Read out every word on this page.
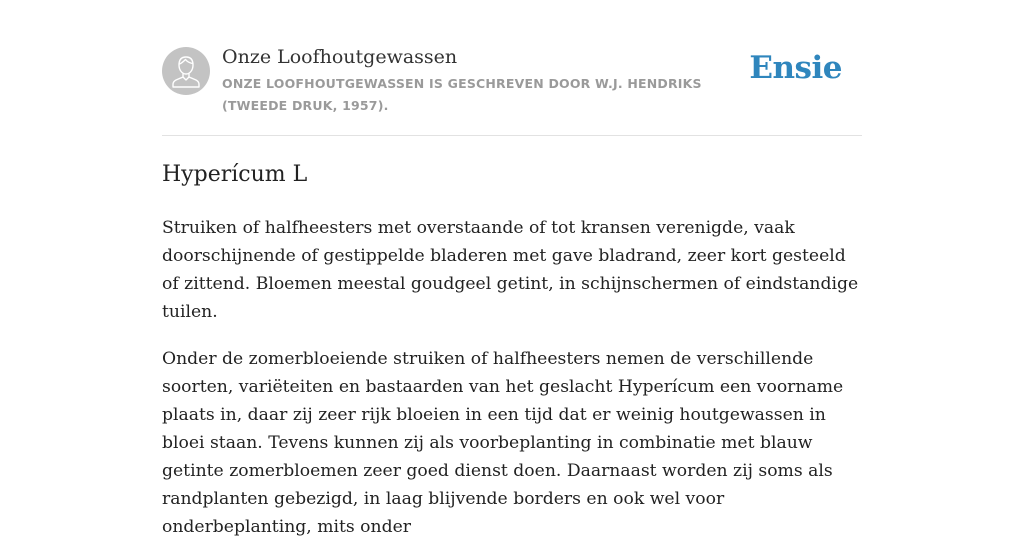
Onze Loofhoutgewassen
ONZE LOOFHOUTGEWASSEN IS GESCHREVEN DOOR W.J. HENDRIKS (TWEEDE DRUK, 1957).
Ensie
Hyperícum L

Struiken of halfheesters met overstaande of tot kransen verenigde, vaak doorschijnende of gestippelde bladeren met gave bladrand, zeer kort gesteeld of zittend. Bloemen meestal goudgeel getint, in schijnschermen of eindstandige tuilen.

Onder de zomerbloeiende struiken of halfheesters nemen de verschillende soorten, variëteiten en bastaarden van het geslacht Hyperícum een voorname plaats in, daar zij zeer rijk bloeien in een tijd dat er weinig houtgewassen in bloei staan. Tevens kunnen zij als voorbeplanting in combinatie met blauw getinte zomerbloemen zeer goed dienst doen. Daarnaast worden zij soms als randplanten gebezigd, in laag blijvende borders en ook wel voor onderbeplanting, mits onder
